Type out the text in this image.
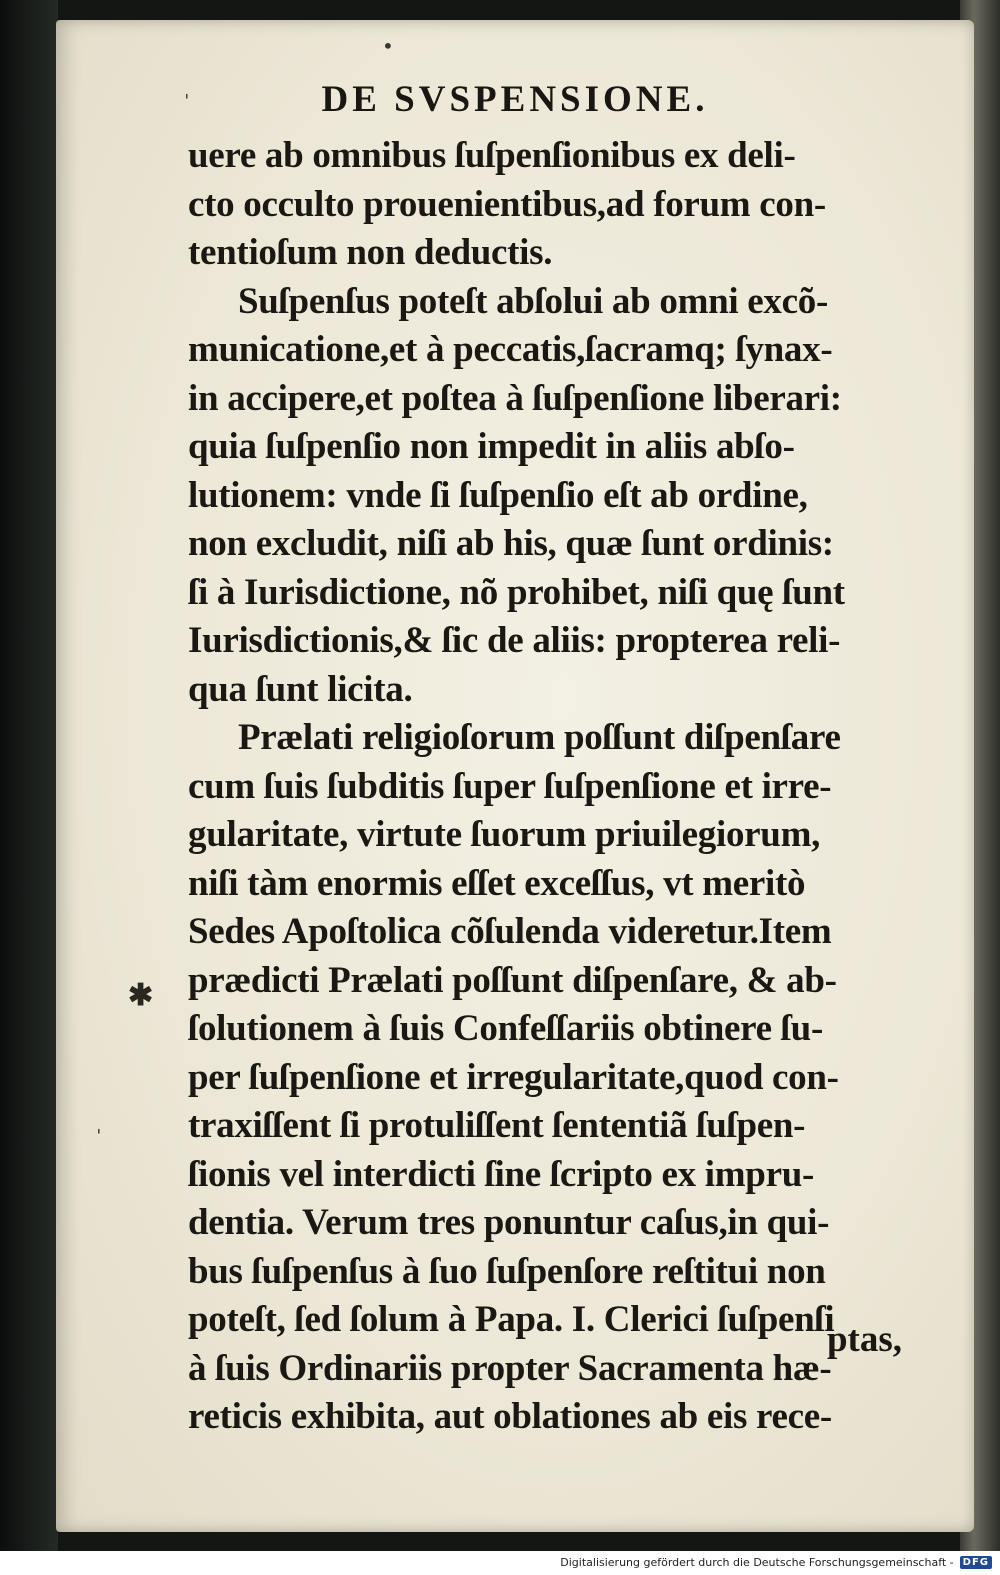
DE SVSPENSIONE.
uere ab omnibus ſuſpenſionibus ex deli-
cto occulto prouenientibus,ad forum con-
tentioſum non deductis.
Suſpenſus poteſt abſolui ab omni excõ-
municatione,et à peccatis,ſacramq; ſynax-
in accipere,et poſtea à ſuſpenſione liberari:
quia ſuſpenſio non impedit in aliis abſo-
lutionem: vnde ſi ſuſpenſio eſt ab ordine,
non excludit, niſi ab his, quæ ſunt ordinis:
ſi à Iurisdictione, nõ prohibet, niſi quę ſunt
Iurisdictionis,& ſic de aliis: propterea reli-
qua ſunt licita.
Prælati religioſorum poſſunt diſpenſare
cum ſuis ſubditis ſuper ſuſpenſione et irre-
gularitate, virtute ſuorum priuilegiorum,
niſi tàm enormis eſſet exceſſus, vt meritò
Sedes Apoſtolica cõſulenda videretur.Item
prædicti Prælati poſſunt diſpenſare, & ab-
ſolutionem à ſuis Confeſſariis obtinere ſu-
per ſuſpenſione et irregularitate,quod con-
traxiſſent ſi protuliſſent ſententiã ſuſpen-
ſionis vel interdicti ſine ſcripto ex impru-
dentia. Verum tres ponuntur caſus,in qui-
bus ſuſpenſus à ſuo ſuſpenſore reſtitui non
poteſt, ſed ſolum à Papa. I. Clerici ſuſpenſi
à ſuis Ordinariis propter Sacramenta hæ-
reticis exhibita, aut oblationes ab eis rece-
ptas,
✱
•
ˈ
ˈ
Digitalisierung gefördert durch die Deutsche Forschungsgemeinschaft - DFG
